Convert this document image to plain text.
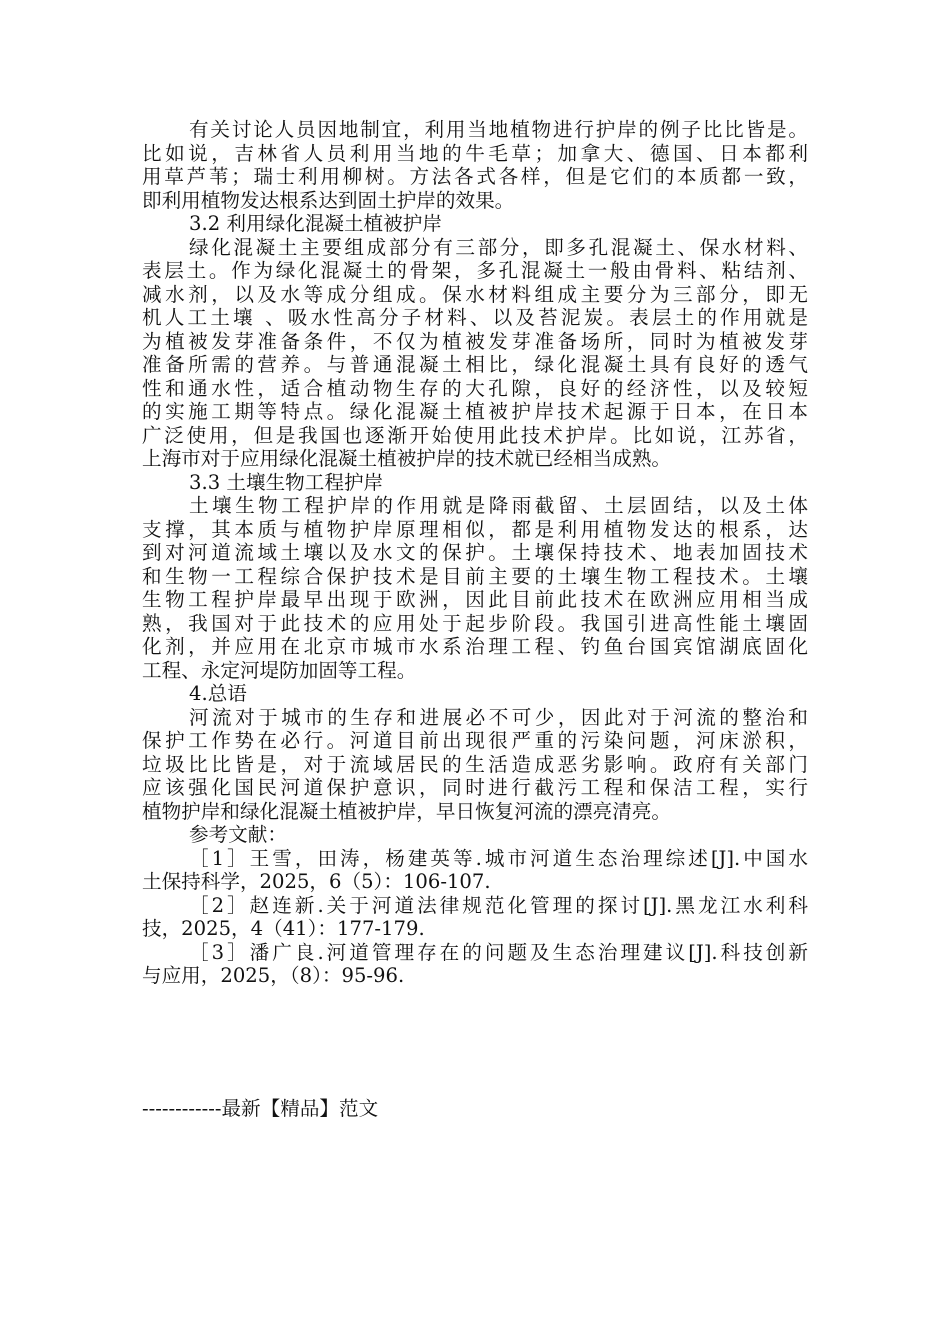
有关讨论人员因地制宜，利用当地植物进行护岸的例子比比皆是。
比如说，吉林省人员利用当地的牛毛草；加拿大、德国、日本都利
用草芦苇；瑞士利用柳树。方法各式各样，但是它们的本质都一致，
即利用植物发达根系达到固土护岸的效果。
3.2 利用绿化混凝土植被护岸
绿化混凝土主要组成部分有三部分，即多孔混凝土、保水材料、
表层土。作为绿化混凝土的骨架，多孔混凝土一般由骨料、粘结剂、
减水剂，以及水等成分组成。保水材料组成主要分为三部分，即无
机人工土壤 、吸水性高分子材料、以及苔泥炭。表层土的作用就是
为植被发芽准备条件，不仅为植被发芽准备场所，同时为植被发芽
准备所需的营养。与普通混凝土相比，绿化混凝土具有良好的透气
性和通水性，适合植动物生存的大孔隙，良好的经济性，以及较短
的实施工期等特点。绿化混凝土植被护岸技术起源于日本，在日本
广泛使用，但是我国也逐渐开始使用此技术护岸。比如说，江苏省，
上海市对于应用绿化混凝土植被护岸的技术就已经相当成熟。
3.3 土壤生物工程护岸
土壤生物工程护岸的作用就是降雨截留、土层固结，以及土体
支撑，其本质与植物护岸原理相似，都是利用植物发达的根系，达
到对河道流域土壤以及水文的保护。土壤保持技术、地表加固技术
和生物一工程综合保护技术是目前主要的土壤生物工程技术。土壤
生物工程护岸最早出现于欧洲，因此目前此技术在欧洲应用相当成
熟，我国对于此技术的应用处于起步阶段。我国引进高性能土壤固
化剂，并应用在北京市城市水系治理工程、钓鱼台国宾馆湖底固化
工程、永定河堤防加固等工程。
4.总语
河流对于城市的生存和进展必不可少，因此对于河流的整治和
保护工作势在必行。河道目前出现很严重的污染问题，河床淤积，
垃圾比比皆是，对于流域居民的生活造成恶劣影响。政府有关部门
应该强化国民河道保护意识，同时进行截污工程和保洁工程，实行
植物护岸和绿化混凝土植被护岸，早日恢复河流的漂亮清亮。
参考文献：
［1］王雪，田涛，杨建英等.城市河道生态治理综述[J].中国水
土保持科学，2025，6（5）：106-107.
［2］赵连新.关于河道法律规范化管理的探讨[J].黑龙江水利科
技，2025，4（41）：177-179.
［3］潘广良.河道管理存在的问题及生态治理建议[J].科技创新
与应用，2025，（8）：95-96.
------------最新【精品】范文
